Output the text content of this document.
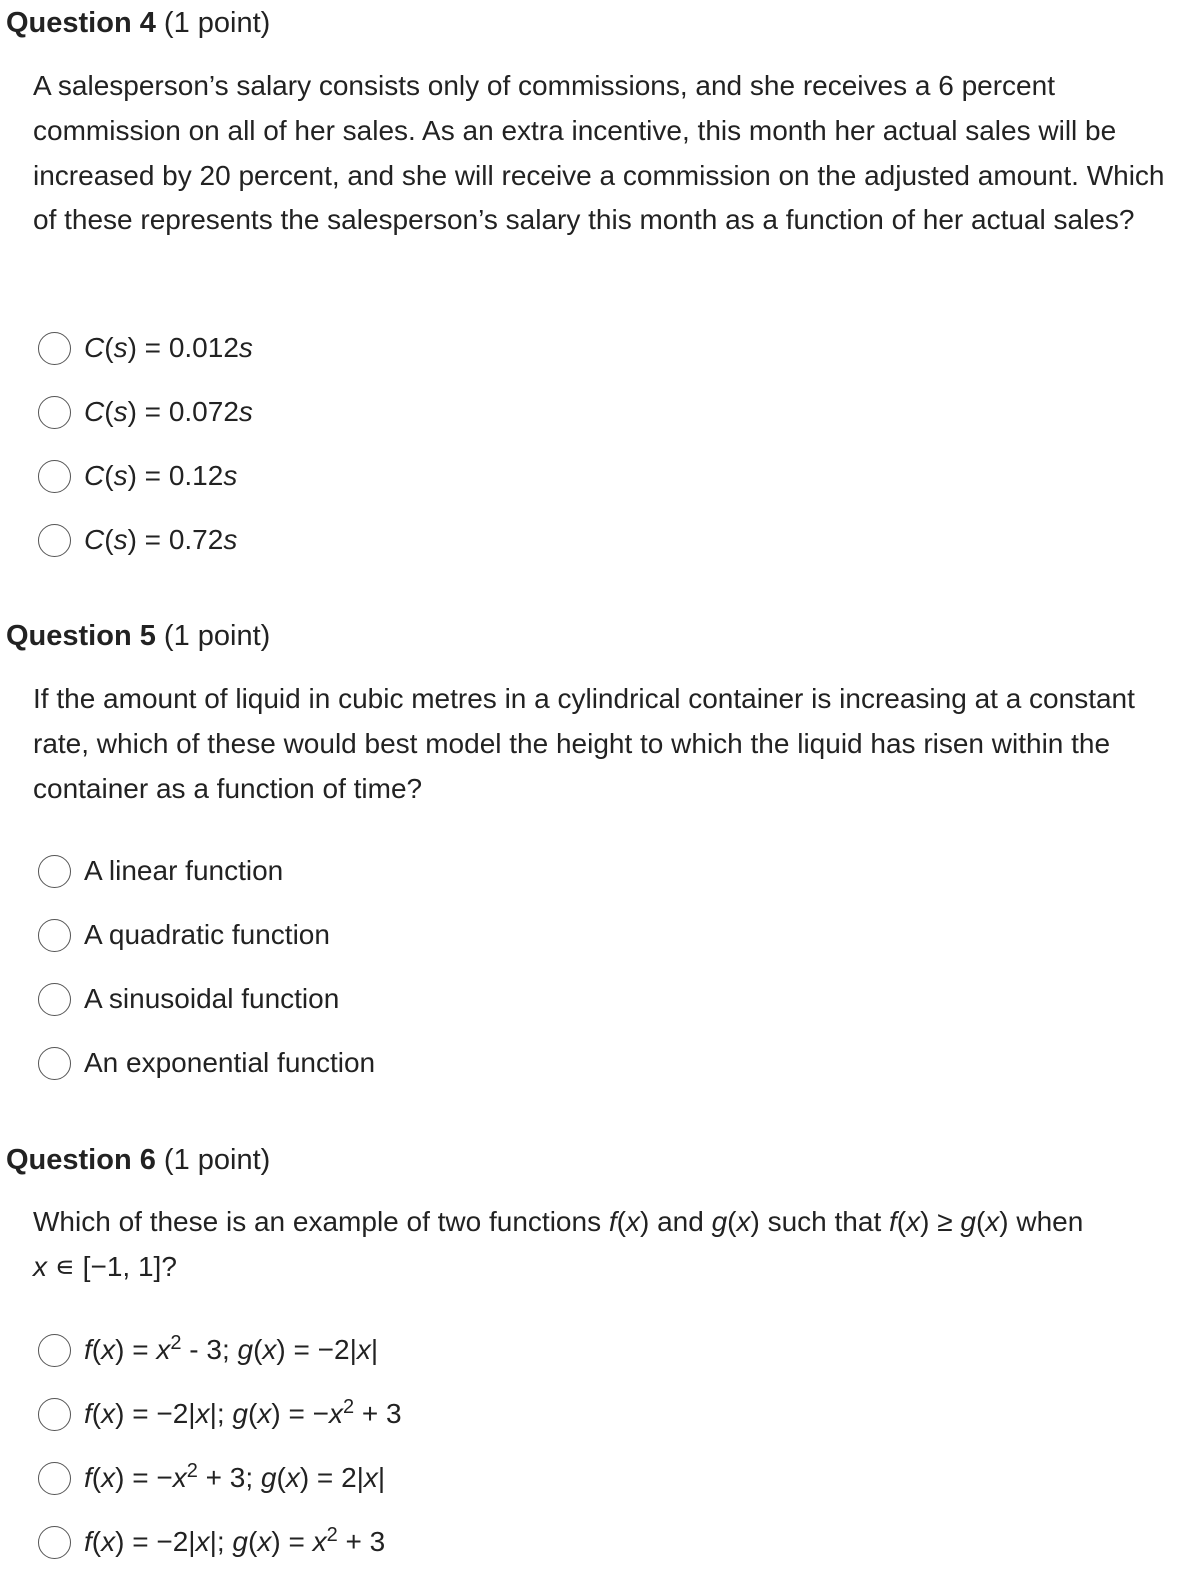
Question 4 (1 point)

A salesperson’s salary consists only of commissions, and she receives a 6 percent commission on all of her sales. As an extra incentive, this month her actual sales will be increased by 20 percent, and she will receive a commission on the adjusted amount. Which of these represents the salesperson’s salary this month as a function of her actual sales?

C(s) = 0.012s
C(s) = 0.072s
C(s) = 0.12s
C(s) = 0.72s
Question 5 (1 point)

If the amount of liquid in cubic metres in a cylindrical container is increasing at a constant rate, which of these would best model the height to which the liquid has risen within the container as a function of time?

A linear function
A quadratic function
A sinusoidal function
An exponential function
Question 6 (1 point)

Which of these is an example of two functions f(x) and g(x) such that f(x) ≥ g(x) when
x ∊ [−1, 1]?

$f(x) = x^2 - 3$; g(x) = −2|x|
f(x) = −2|x|; $g(x) = -x^2 + 3$
$f(x) = -x^2 + 3$; g(x) = 2|x|
f(x) = −2|x|; $g(x) = x^2 + 3$
